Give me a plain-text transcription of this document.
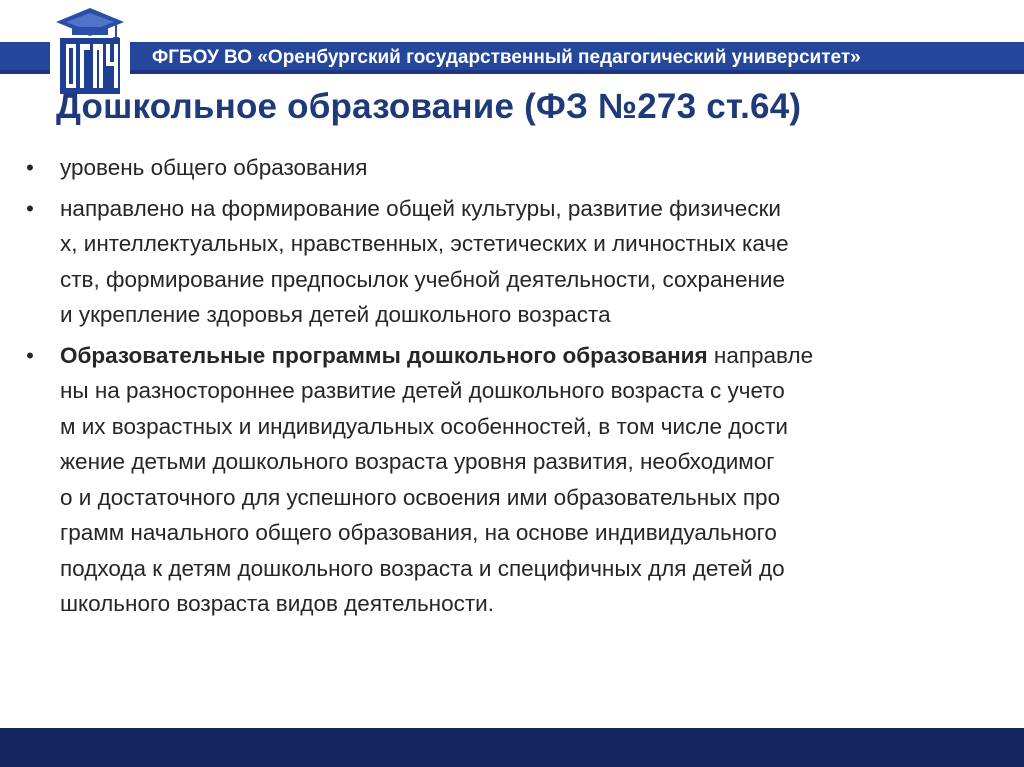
ФГБОУ ВО «Оренбургский государственный педагогический университет»
Дошкольное образование (ФЗ №273 ст.64)
• уровень общего образования
• направлено на формирование общей культуры, развитие физически х, интеллектуальных, нравственных, эстетических и личностных каче ств, формирование предпосылок учебной деятельности, сохранение и укрепление здоровья детей дошкольного возраста
• Образовательные программы дошкольного образования направле ны на разностороннее развитие детей дошкольного возраста с учето м их возрастных и индивидуальных особенностей, в том числе дости жение детьми дошкольного возраста уровня развития, необходимог о и достаточного для успешного освоения ими образовательных про грамм начального общего образования, на основе индивидуального подхода к детям дошкольного возраста и специфичных для детей до школьного возраста видов деятельности.
